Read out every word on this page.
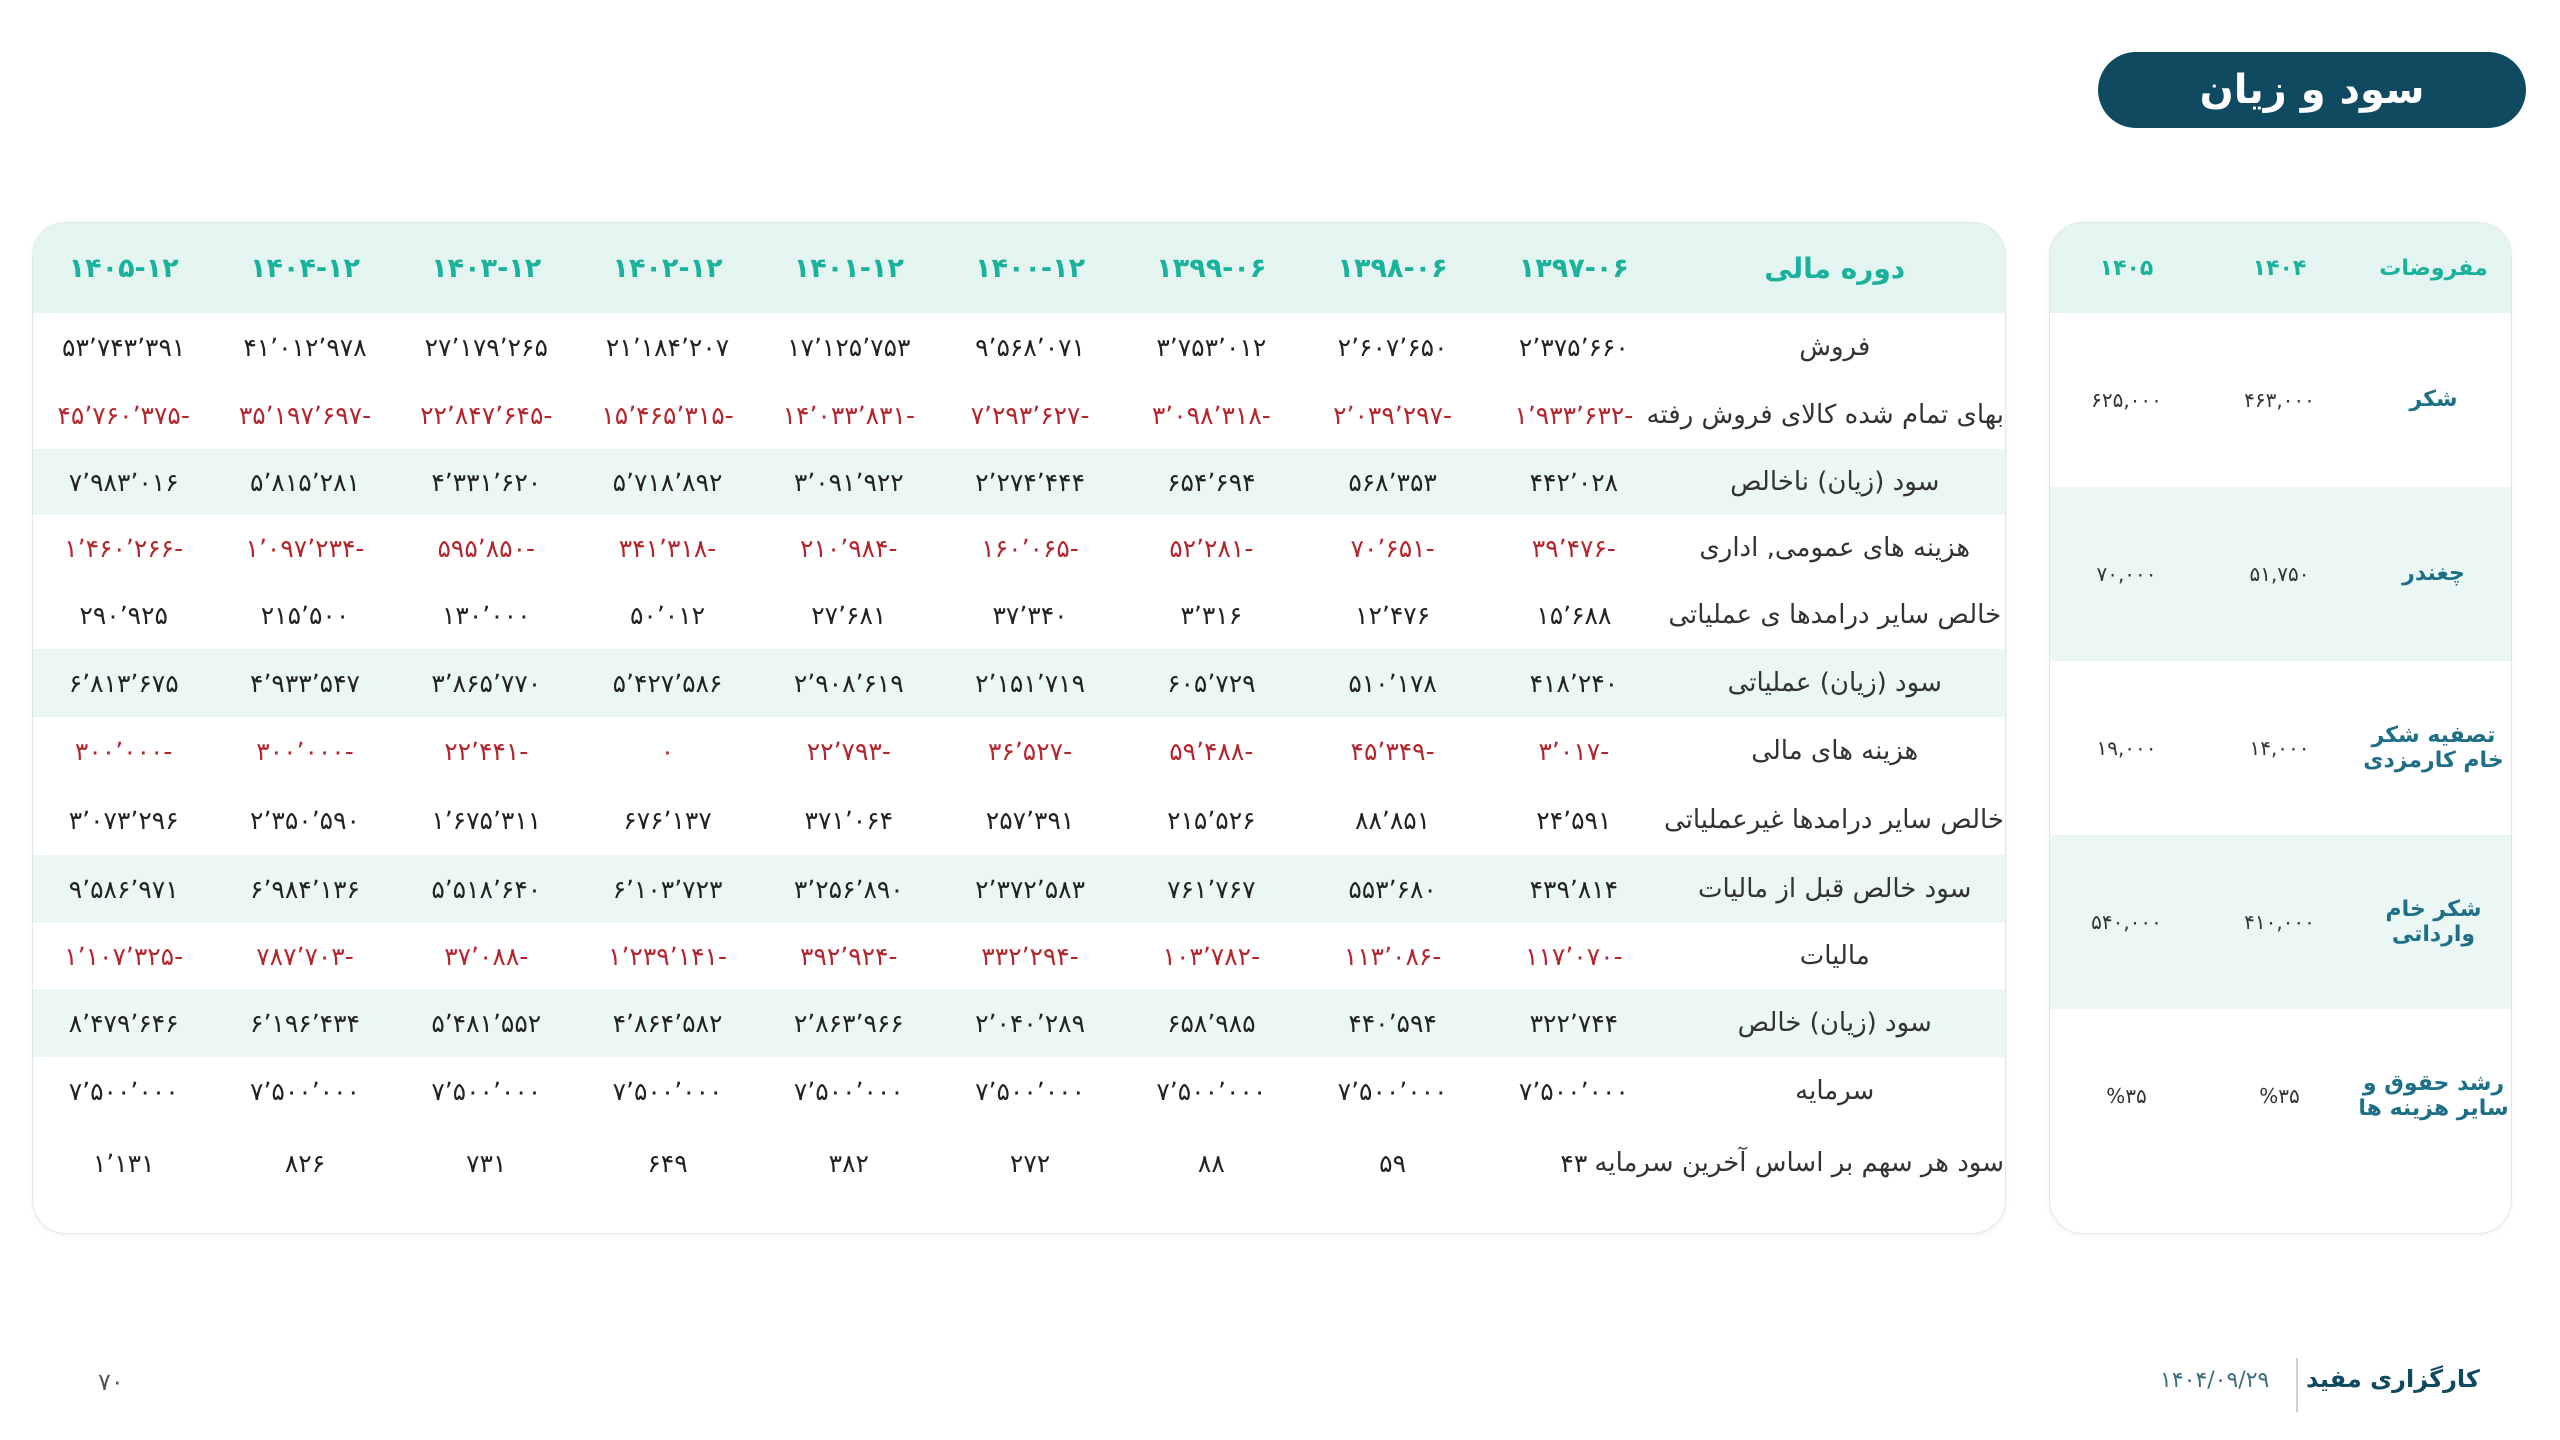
سود و زیان
دوره مالی	۱۳۹۷-۰۶	۱۳۹۸-۰۶	۱۳۹۹-۰۶	۱۴۰۰-۱۲	۱۴۰۱-۱۲	۱۴۰۲-۱۲	۱۴۰۳-۱۲	۱۴۰۴-۱۲	۱۴۰۵-۱۲
فروش	۲٬۳۷۵٬۶۶۰	۲٬۶۰۷٬۶۵۰	۳٬۷۵۳٬۰۱۲	۹٬۵۶۸٬۰۷۱	۱۷٬۱۲۵٬۷۵۳	۲۱٬۱۸۴٬۲۰۷	۲۷٬۱۷۹٬۲۶۵	۴۱٬۰۱۲٬۹۷۸	۵۳٬۷۴۳٬۳۹۱
بهای تمام شده کالای فروش رفته	-۱٬۹۳۳٬۶۳۲	-۲٬۰۳۹٬۲۹۷	-۳٬۰۹۸٬۳۱۸	-۷٬۲۹۳٬۶۲۷	-۱۴٬۰۳۳٬۸۳۱	-۱۵٬۴۶۵٬۳۱۵	-۲۲٬۸۴۷٬۶۴۵	-۳۵٬۱۹۷٬۶۹۷	-۴۵٬۷۶۰٬۳۷۵
سود (زیان) ناخالص	۴۴۲٬۰۲۸	۵۶۸٬۳۵۳	۶۵۴٬۶۹۴	۲٬۲۷۴٬۴۴۴	۳٬۰۹۱٬۹۲۲	۵٬۷۱۸٬۸۹۲	۴٬۳۳۱٬۶۲۰	۵٬۸۱۵٬۲۸۱	۷٬۹۸۳٬۰۱۶
هزینه های عمومی, اداری	-۳۹٬۴۷۶	-۷۰٬۶۵۱	-۵۲٬۲۸۱	-۱۶۰٬۰۶۵	-۲۱۰٬۹۸۴	-۳۴۱٬۳۱۸	-۵۹۵٬۸۵۰	-۱٬۰۹۷٬۲۳۴	-۱٬۴۶۰٬۲۶۶
خالص سایر درامدها ی عملیاتی	۱۵٬۶۸۸	۱۲٬۴۷۶	۳٬۳۱۶	۳۷٬۳۴۰	۲۷٬۶۸۱	۵۰٬۰۱۲	۱۳۰٬۰۰۰	۲۱۵٬۵۰۰	۲۹۰٬۹۲۵
سود (زیان) عملیاتی	۴۱۸٬۲۴۰	۵۱۰٬۱۷۸	۶۰۵٬۷۲۹	۲٬۱۵۱٬۷۱۹	۲٬۹۰۸٬۶۱۹	۵٬۴۲۷٬۵۸۶	۳٬۸۶۵٬۷۷۰	۴٬۹۳۳٬۵۴۷	۶٬۸۱۳٬۶۷۵
هزینه های مالی	-۳٬۰۱۷	-۴۵٬۳۴۹	-۵۹٬۴۸۸	-۳۶٬۵۲۷	-۲۲٬۷۹۳	۰	-۲۲٬۴۴۱	-۳۰۰٬۰۰۰	-۳۰۰٬۰۰۰
خالص سایر درامدها غیرعملیاتی	۲۴٬۵۹۱	۸۸٬۸۵۱	۲۱۵٬۵۲۶	۲۵۷٬۳۹۱	۳۷۱٬۰۶۴	۶۷۶٬۱۳۷	۱٬۶۷۵٬۳۱۱	۲٬۳۵۰٬۵۹۰	۳٬۰۷۳٬۲۹۶
سود خالص قبل از مالیات	۴۳۹٬۸۱۴	۵۵۳٬۶۸۰	۷۶۱٬۷۶۷	۲٬۳۷۲٬۵۸۳	۳٬۲۵۶٬۸۹۰	۶٬۱۰۳٬۷۲۳	۵٬۵۱۸٬۶۴۰	۶٬۹۸۴٬۱۳۶	۹٬۵۸۶٬۹۷۱
مالیات	-۱۱۷٬۰۷۰	-۱۱۳٬۰۸۶	-۱۰۳٬۷۸۲	-۳۳۲٬۲۹۴	-۳۹۲٬۹۲۴	-۱٬۲۳۹٬۱۴۱	-۳۷٬۰۸۸	-۷۸۷٬۷۰۳	-۱٬۱۰۷٬۳۲۵
سود (زیان) خالص	۳۲۲٬۷۴۴	۴۴۰٬۵۹۴	۶۵۸٬۹۸۵	۲٬۰۴۰٬۲۸۹	۲٬۸۶۳٬۹۶۶	۴٬۸۶۴٬۵۸۲	۵٬۴۸۱٬۵۵۲	۶٬۱۹۶٬۴۳۴	۸٬۴۷۹٬۶۴۶
سرمایه	۷٬۵۰۰٬۰۰۰	۷٬۵۰۰٬۰۰۰	۷٬۵۰۰٬۰۰۰	۷٬۵۰۰٬۰۰۰	۷٬۵۰۰٬۰۰۰	۷٬۵۰۰٬۰۰۰	۷٬۵۰۰٬۰۰۰	۷٬۵۰۰٬۰۰۰	۷٬۵۰۰٬۰۰۰
سود هر سهم بر اساس آخرین سرمایه	۴۳	۵۹	۸۸	۲۷۲	۳۸۲	۶۴۹	۷۳۱	۸۲۶	۱٬۱۳۱
مفروضات	۱۴۰۴	۱۴۰۵
شکر	۴۶۳,۰۰۰	۶۲۵,۰۰۰
چغندر	۵۱,۷۵۰	۷۰,۰۰۰
تصفیه شکر خام کارمزدی	۱۴,۰۰۰	۱۹,۰۰۰
شکر خام وارداتی	۴۱۰,۰۰۰	۵۴۰,۰۰۰
رشد حقوق و سایر هزینه ها	%۳۵	%۳۵
کارگزاری مفید
۱۴۰۴/۰۹/۲۹
۷۰
